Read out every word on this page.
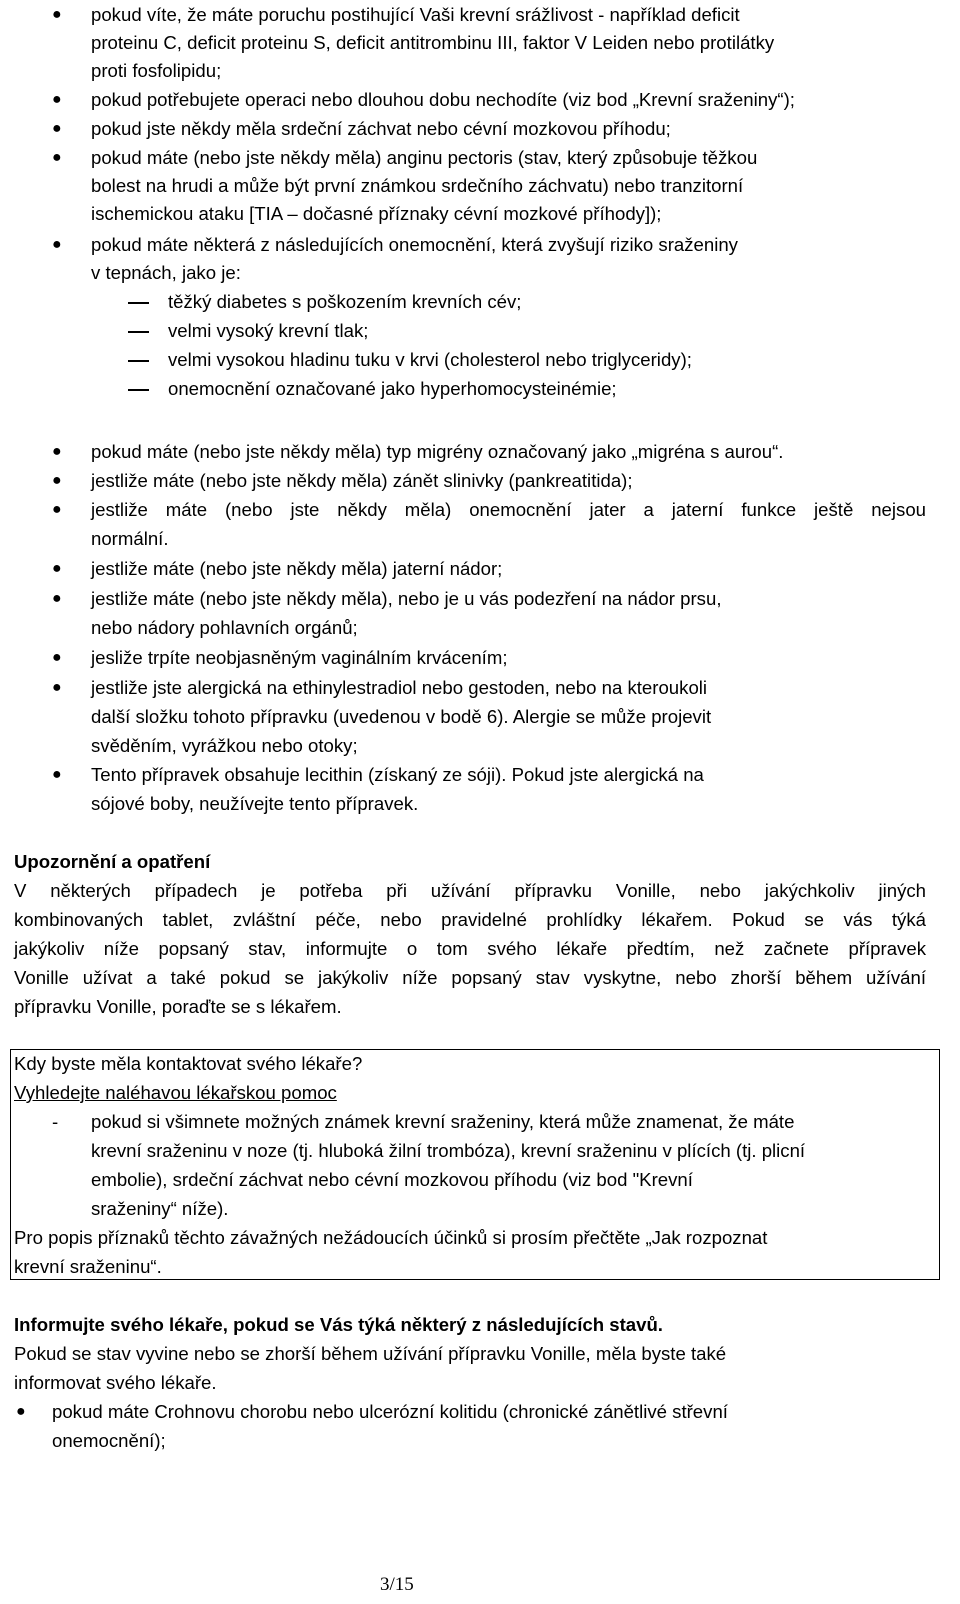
● pokud víte, že máte poruchu postihující Vaši krevní srážlivost - například deficit
proteinu C, deficit proteinu S, deficit antitrombinu III, faktor V Leiden nebo protilátky
proti fosfolipidu;
● pokud potřebujete operaci nebo dlouhou dobu nechodíte (viz bod „Krevní sraženiny“);
● pokud jste někdy měla srdeční záchvat nebo cévní mozkovou příhodu;
● pokud máte (nebo jste někdy měla) anginu pectoris (stav, který způsobuje těžkou
bolest na hrudi a může být první známkou srdečního záchvatu) nebo tranzitorní
ischemickou ataku [TIA – dočasné příznaky cévní mozkové příhody]);
● pokud máte některá z následujících onemocnění, která zvyšují riziko sraženiny
v tepnách, jako je:
těžký diabetes s poškozením krevních cév;
velmi vysoký krevní tlak;
velmi vysokou hladinu tuku v krvi (cholesterol nebo triglyceridy);
onemocnění označované jako hyperhomocysteinémie;
● pokud máte (nebo jste někdy měla) typ migrény označovaný jako „migréna s aurou“.
● jestliže máte (nebo jste někdy měla) zánět slinivky (pankreatitida);
● jestliže máte (nebo jste někdy měla) onemocnění jater a jaterní funkce ještě nejsou
normální.
● jestliže máte (nebo jste někdy měla) jaterní nádor;
● jestliže máte (nebo jste někdy měla), nebo je u vás podezření na nádor prsu,
nebo nádory pohlavních orgánů;
● jesliže trpíte neobjasněným vaginálním krvácením;
● jestliže jste alergická na ethinylestradiol nebo gestoden, nebo na kteroukoli
další složku tohoto přípravku (uvedenou v bodě 6). Alergie se může projevit
svěděním, vyrážkou nebo otoky;
● Tento přípravek obsahuje lecithin (získaný ze sóji). Pokud jste alergická na
sójové boby, neužívejte tento přípravek.
Upozornění a opatření
V některých případech je potřeba při užívání přípravku Vonille, nebo jakýchkoliv jiných
kombinovaných tablet, zvláštní péče, nebo pravidelné prohlídky lékařem. Pokud se vás týká
jakýkoliv níže popsaný stav, informujte o tom svého lékaře předtím, než začnete přípravek
Vonille užívat a také pokud se jakýkoliv níže popsaný stav vyskytne, nebo zhorší během užívání
přípravku Vonille, poraďte se s lékařem.
Kdy byste měla kontaktovat svého lékaře?
Vyhledejte naléhavou lékařskou pomoc
- pokud si všimnete možných známek krevní sraženiny, která může znamenat, že máte
krevní sraženinu v noze (tj. hluboká žilní trombóza), krevní sraženinu v plících (tj. plicní
embolie), srdeční záchvat nebo cévní mozkovou příhodu (viz bod "Krevní
sraženiny“ níže).
Pro popis příznaků těchto závažných nežádoucích účinků si prosím přečtěte „Jak rozpoznat
krevní sraženinu“.
Informujte svého lékaře, pokud se Vás týká některý z následujících stavů.
Pokud se stav vyvine nebo se zhorší během užívání přípravku Vonille, měla byste také
informovat svého lékaře.
● pokud máte Crohnovu chorobu nebo ulcerózní kolitidu (chronické zánětlivé střevní
onemocnění);
3/15
